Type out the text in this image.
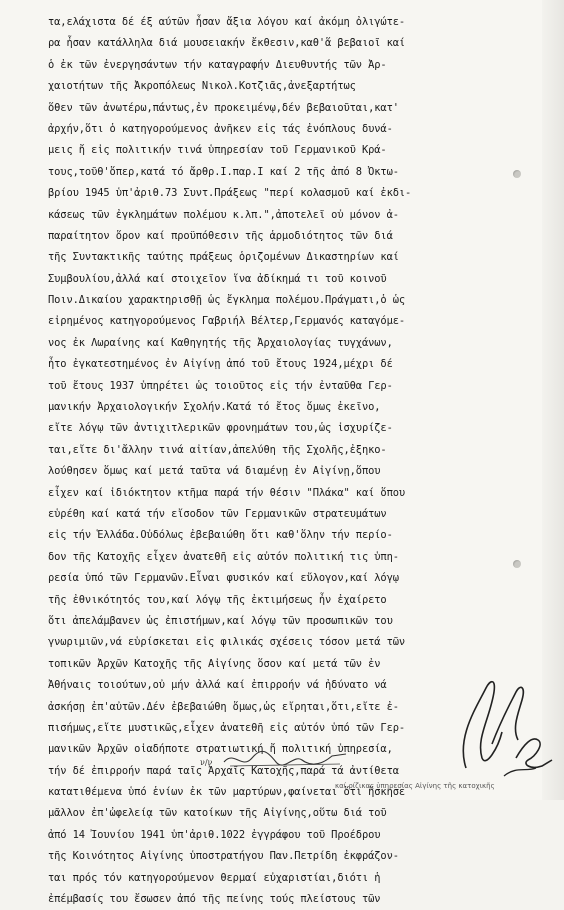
τα,ελάχιστα δέ έξ αύτῶν ἦσαν ἄξια λόγου καί ἀκόμη ὀλιγώτε-
ρα ἦσαν κατάλληλα διά μουσειακήν ἔκθεσιν,καθ'ἅ βεβαιοῖ καί
ὁ ἐκ τῶν ἐνεργησάντων τήν καταγραφήν Διευθυντής τῶν Ἀρ-
χαιοτήτων τῆς Ἀκροπόλεως Νικολ.Κοτζιᾶς,ἀνεξαρτήτως
ὅθεν τῶν ἀνωτέρω,πάντως,ἐν προκειμένῳ,δέν βεβαιοῦται,κατ'
ἀρχήν,ὅτι ὁ κατηγορούμενος ἀνῆκεν εἰς τάς ἐνόπλους δυνά-
μεις ἤ εἰς πολιτικήν τινά ὑπηρεσίαν τοῦ Γερμανικοῦ Κρά-
τους,τοῦθ'ὅπερ,κατά τό ἄρθρ.Ι.παρ.Ι καί 2 τῆς ἀπό 8 Ὀκτω-
βρίου 1945 ὑπ'ἀριθ.73 Συντ.Πράξεως "περί κολασμοῦ καί ἐκδι-
κάσεως τῶν ἐγκλημάτων πολέμου κ.λπ.",ἀποτελεῖ οὐ μόνον ἀ-
παραίτητον ὅρον καί προϋπόθεσιν τῆς ἁρμοδιότητος τῶν διά
τῆς Συντακτικῆς ταύτης πράξεως ὁριζομένων Δικαστηρίων καί
Συμβουλίου,ἀλλά καί στοιχεῖον ἵνα ἀδίκημά τι τοῦ κοινοῦ
Ποιν.Δικαίου χαρακτηρισθῇ ὡς ἔγκλημα πολέμου.Πράγματι,ὁ ὡς
εἰρημένος κατηγορούμενος Γαβριήλ Βέλτερ,Γερμανός καταγόμε-
νος ἐκ Λωραίνης καί Καθηγητής τῆς Ἀρχαιολογίας τυγχάνων,
ἦτο ἐγκατεστημένος ἐν Αἰγίνῃ ἀπό τοῦ ἔτους 1924,μέχρι δέ
τοῦ ἔτους 1937 ὑπηρέτει ὡς τοιοῦτος εἰς τήν ἐνταῦθα Γερ-
μανικήν Ἀρχαιολογικήν Σχολήν.Κατά τό ἔτος ὅμως ἐκεῖνο,
εἴτε λόγῳ τῶν ἀντιχιτλερικῶν φρονημάτων του,ὡς ἰσχυρίζε-
ται,εἴτε δι'ἄλλην τινά αἰτίαν,ἀπελύθη τῆς Σχολῆς,ἐξηκο-
λούθησεν ὅμως καί μετά ταῦτα νά διαμένῃ ἐν Αἰγίνῃ,ὅπου
εἶχεν καί ἰδιόκτητον κτῆμα παρά τήν θέσιν "Πλάκα" καί ὅπου
εὑρέθη καί κατά τήν εἴσοδον τῶν Γερμανικῶν στρατευμάτων
εἰς τήν Ἑλλάδα.Οὐδόλως ἐβεβαιώθη ὅτι καθ'ὅλην τήν περίο-
δον τῆς Κατοχῆς εἶχεν ἀνατεθῆ εἰς αὐτόν πολιτική τις ὑπη-
ρεσία ὑπό τῶν Γερμανῶν.Εἶναι φυσικόν καί εὔλογον,καί λόγῳ
τῆς ἐθνικότητός του,καί λόγῳ τῆς ἐκτιμήσεως ἦν ἐχαίρετο
ὅτι ἀπελάμβανεν ὡς ἐπιστήμων,καί λόγῳ τῶν προσωπικῶν του
γνωριμιῶν,νά εὑρίσκεται εἰς φιλικάς σχέσεις τόσον μετά τῶν
τοπικῶν Ἀρχῶν Κατοχῆς τῆς Αἰγίνης ὅσον καί μετά τῶν ἐν
Ἀθήναις τοιούτων,οὐ μήν ἀλλά καί ἐπιρροήν νά ἠδύνατο νά
ἀσκήσῃ ἐπ'αὐτῶν.Δέν ἐβεβαιώθη ὅμως,ὡς εἴρηται,ὅτι,εἴτε ἐ-
πισήμως,εἴτε μυστικῶς,εἶχεν ἀνατεθῆ εἰς αὐτόν ὑπό τῶν Γερ-
μανικῶν Ἀρχῶν οἱαδήποτε στρατιωτική ἤ πολιτική ὑπηρεσία,
τήν δέ ἐπιρροήν παρά ταῖς Ἀρχαῖς Κατοχῆς,παρά τά ἀντίθετα
κατατιθέμενα ὑπό ἑνίων ἐκ τῶν μαρτύρων,φαίνεται ὅτι ἤσκησε
μᾶλλον ἐπ'ὠφελείᾳ τῶν κατοίκων τῆς Αἰγίνης,οὕτω διά τοῦ
ἀπό 14 Ἰουνίου 1941 ὑπ'ἀριθ.1022 ἐγγράφου τοῦ Προέδρου
τῆς Κοινότητος Αἰγίνης ὑποστρατήγου Παν.Πετρίδη ἐκφράζον-
ται πρός τόν κατηγορούμενον θερμαί εὐχαριστίαι,διότι ἡ
ἐπέμβασίς του ἔσωσεν ἀπό τῆς πείνης τούς πλείστους τῶν
ν/ν
καί ρίζικας ὑπηρεσίας Αἰγίνης τῆς κατοχικῆς
